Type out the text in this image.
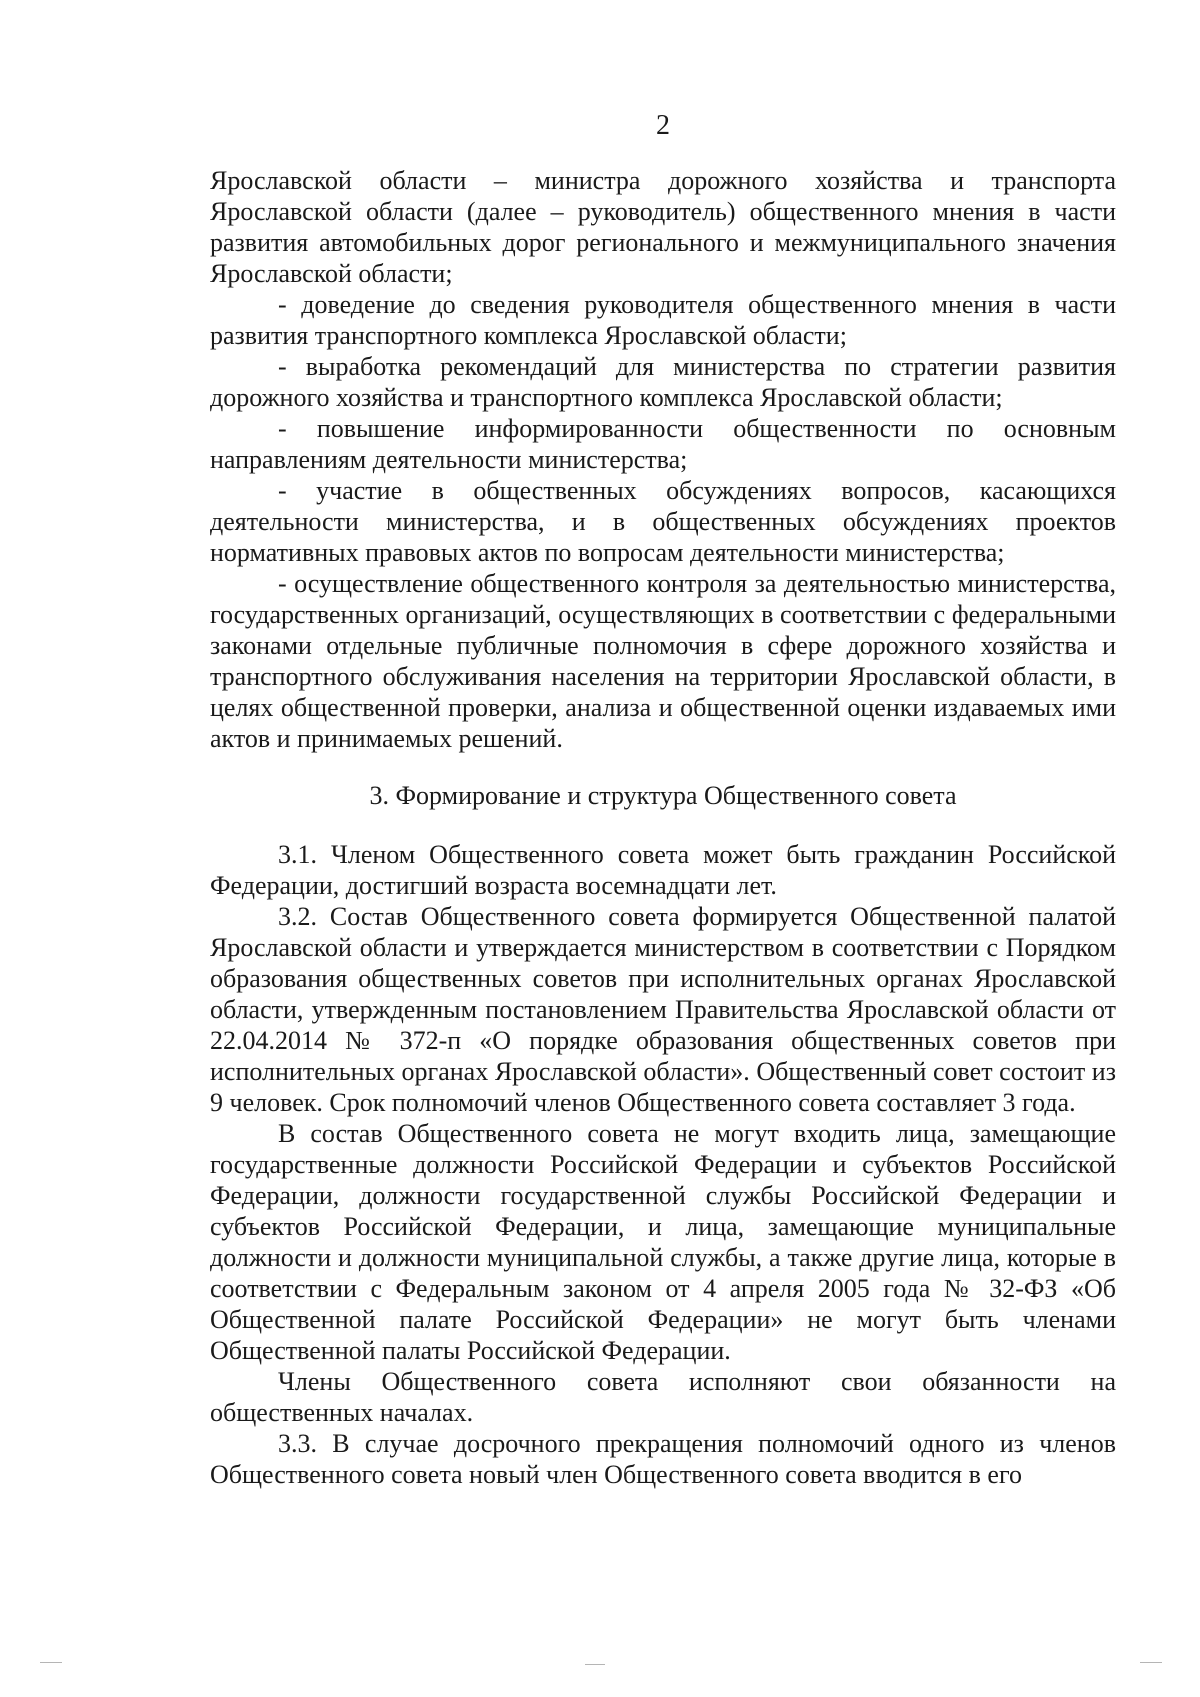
2

Ярославской области – министра дорожного хозяйства и транспорта Ярославской области (далее – руководитель) общественного мнения в части развития автомобильных дорог регионального и межмуниципального значения Ярославской области;

- доведение до сведения руководителя общественного мнения в части развития транспортного комплекса Ярославской области;

- выработка рекомендаций для министерства по стратегии развития дорожного хозяйства и транспортного комплекса Ярославской области;

- повышение информированности общественности по основным направлениям деятельности министерства;

- участие в общественных обсуждениях вопросов, касающихся деятельности министерства, и в общественных обсуждениях проектов нормативных правовых актов по вопросам деятельности министерства;

- осуществление общественного контроля за деятельностью министерства, государственных организаций, осуществляющих в соответствии с федеральными законами отдельные публичные полномочия в сфере дорожного хозяйства и транспортного обслуживания населения на территории Ярославской области, в целях общественной проверки, анализа и общественной оценки издаваемых ими актов и принимаемых решений.

3. Формирование и структура Общественного совета

3.1. Членом Общественного совета может быть гражданин Российской Федерации, достигший возраста восемнадцати лет.

3.2. Состав Общественного совета формируется Общественной палатой Ярославской области и утверждается министерством в соответствии с Порядком образования общественных советов при исполнительных органах Ярославской области, утвержденным постановлением Правительства Ярославской области от 22.04.2014 № 372-п «О порядке образования общественных советов при исполнительных органах Ярославской области». Общественный совет состоит из 9 человек. Срок полномочий членов Общественного совета составляет 3 года.

В состав Общественного совета не могут входить лица, замещающие государственные должности Российской Федерации и субъектов Российской Федерации, должности государственной службы Российской Федерации и субъектов Российской Федерации, и лица, замещающие муниципальные должности и должности муниципальной службы, а также другие лица, которые в соответствии с Федеральным законом от 4 апреля 2005 года № 32-ФЗ «Об Общественной палате Российской Федерации» не могут быть членами Общественной палаты Российской Федерации.

Члены Общественного совета исполняют свои обязанности на общественных началах.

3.3. В случае досрочного прекращения полномочий одного из членов Общественного совета новый член Общественного совета вводится в его
